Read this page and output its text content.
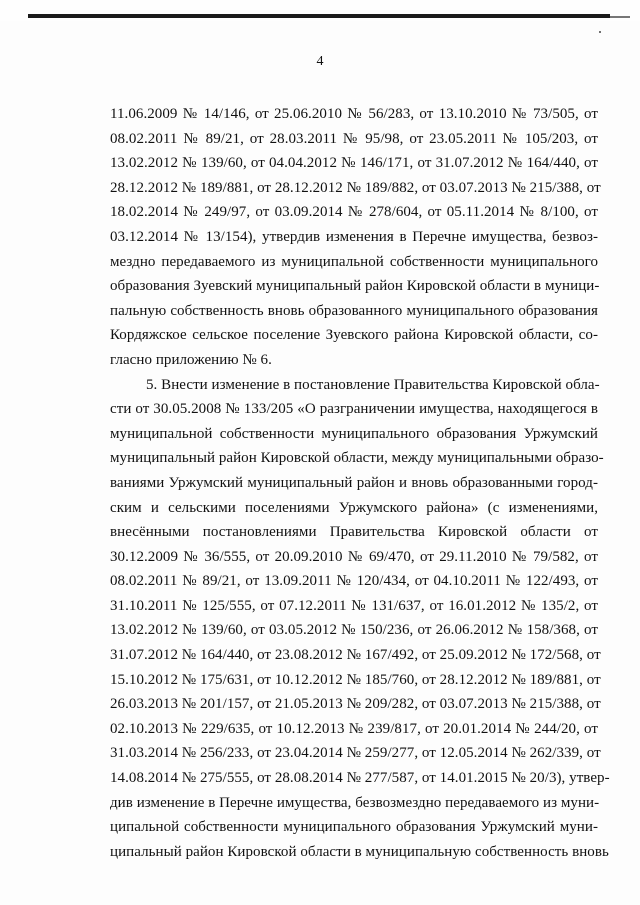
4
11.06.2009 № 14/146, от 25.06.2010 № 56/283, от 13.10.2010 № 73/505, от
08.02.2011 № 89/21, от 28.03.2011 № 95/98, от 23.05.2011 № 105/203, от
13.02.2012 № 139/60, от 04.04.2012 № 146/171, от 31.07.2012 № 164/440, от
28.12.2012 № 189/881, от 28.12.2012 № 189/882, от 03.07.2013 № 215/388, от
18.02.2014 № 249/97, от 03.09.2014 № 278/604, от 05.11.2014 № 8/100, от
03.12.2014 № 13/154), утвердив изменения в Перечне имущества, безвоз-
мездно передаваемого из муниципальной собственности муниципального
образования Зуевский муниципальный район Кировской области в муници-
пальную собственность вновь образованного муниципального образования
Кордяжское сельское поселение Зуевского района Кировской области, со-
гласно приложению № 6.
5. Внести изменение в постановление Правительства Кировской обла-
сти от 30.05.2008 № 133/205 «О разграничении имущества, находящегося в
муниципальной собственности муниципального образования Уржумский
муниципальный район Кировской области, между муниципальными образо-
ваниями Уржумский муниципальный район и вновь образованными город-
ским и сельскими поселениями Уржумского района» (с изменениями,
внесёнными постановлениями Правительства Кировской области от
30.12.2009 № 36/555, от 20.09.2010 № 69/470, от 29.11.2010 № 79/582, от
08.02.2011 № 89/21, от 13.09.2011 № 120/434, от 04.10.2011 № 122/493, от
31.10.2011 № 125/555, от 07.12.2011 № 131/637, от 16.01.2012 № 135/2, от
13.02.2012 № 139/60, от 03.05.2012 № 150/236, от 26.06.2012 № 158/368, от
31.07.2012 № 164/440, от 23.08.2012 № 167/492, от 25.09.2012 № 172/568, от
15.10.2012 № 175/631, от 10.12.2012 № 185/760, от 28.12.2012 № 189/881, от
26.03.2013 № 201/157, от 21.05.2013 № 209/282, от 03.07.2013 № 215/388, от
02.10.2013 № 229/635, от 10.12.2013 № 239/817, от 20.01.2014 № 244/20, от
31.03.2014 № 256/233, от 23.04.2014 № 259/277, от 12.05.2014 № 262/339, от
14.08.2014 № 275/555, от 28.08.2014 № 277/587, от 14.01.2015 № 20/3), утвер-
див изменение в Перечне имущества, безвозмездно передаваемого из муни-
ципальной собственности муниципального образования Уржумский муни-
ципальный район Кировской области в муниципальную собственность вновь
